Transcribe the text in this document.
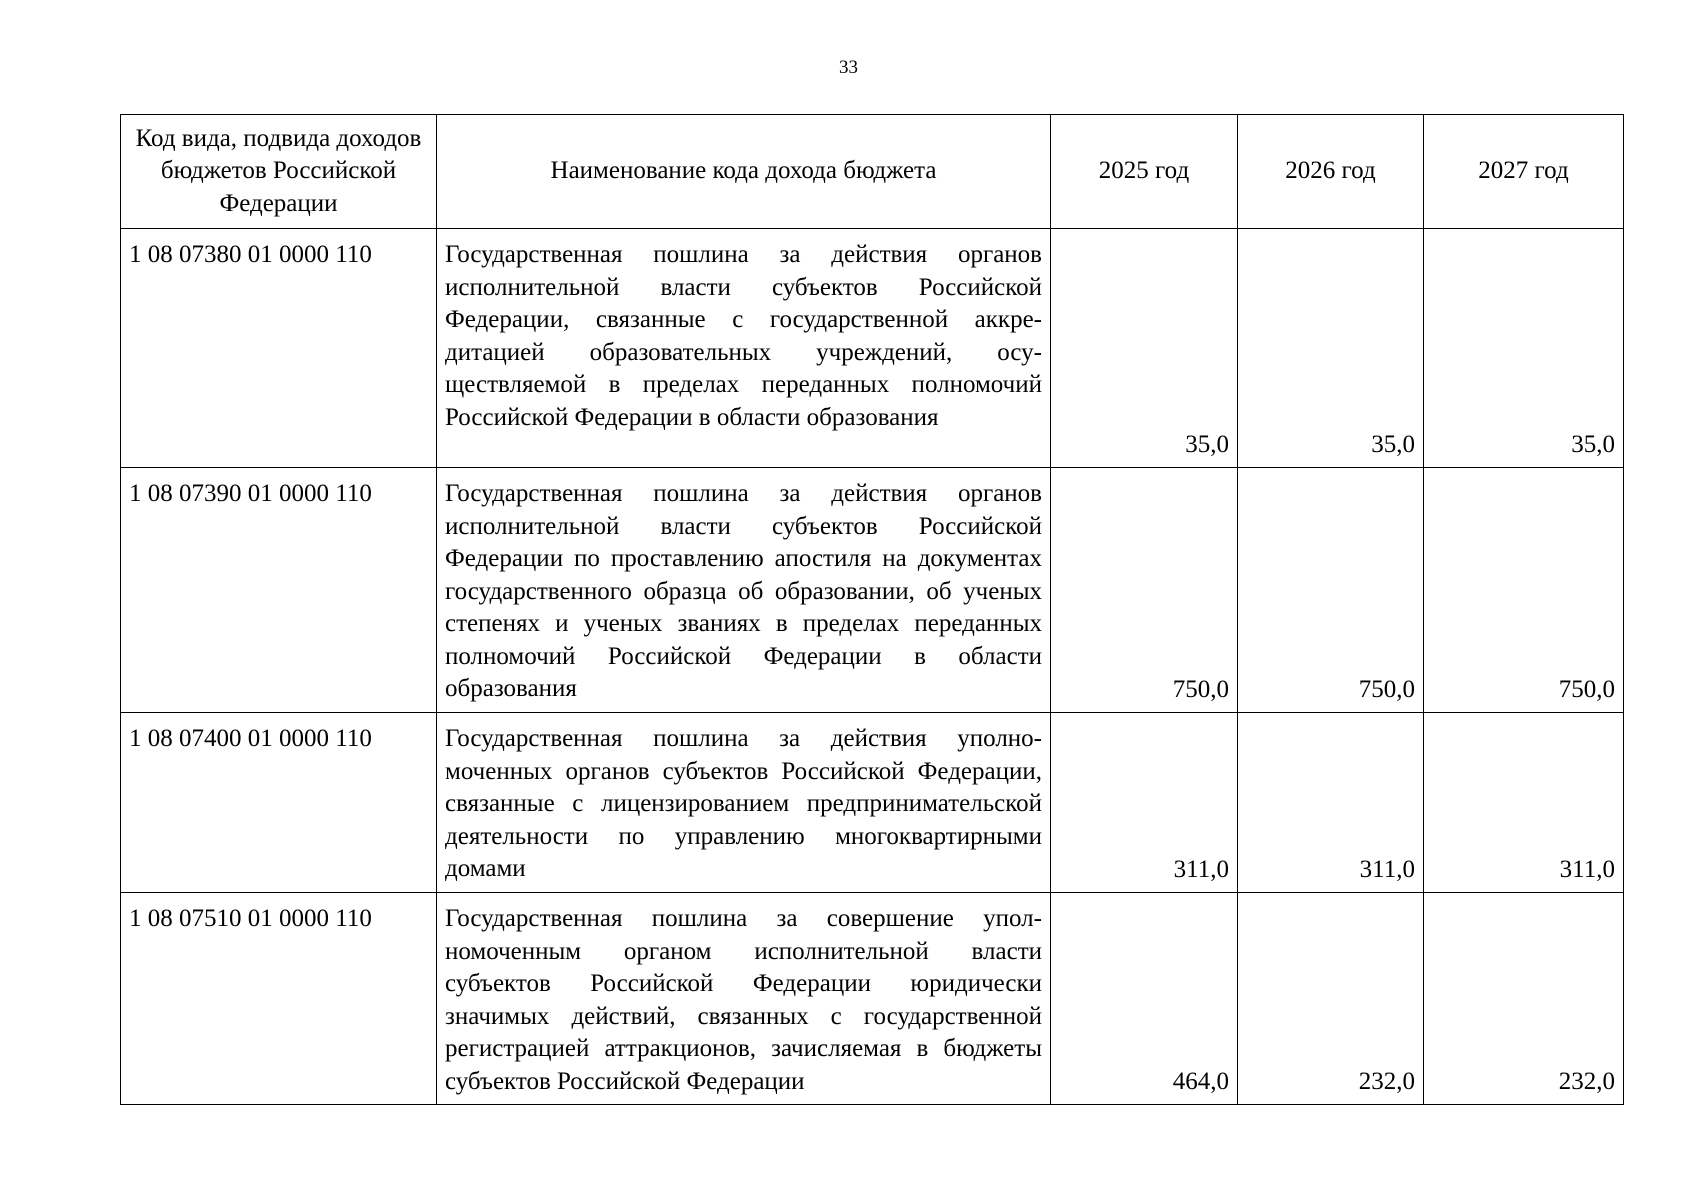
33
Код вида, подвида доходов бюджетов Российской Федерации	Наименование кода дохода бюджета	2025 год	2026 год	2027 год
1 08 07380 01 0000 110	Государственная пошлина за действия органов исполнительной власти субъектов Российской Федерации, связанные с государственной аккредитацией образовательных учреждений, осуществляемой в пределах переданных полномочий Российской Федерации в области образования	35,0	35,0	35,0
1 08 07390 01 0000 110	Государственная пошлина за действия органов исполнительной власти субъектов Российской Федерации по проставлению апостиля на документах государственного образца об образовании, об ученых степенях и ученых званиях в пределах переданных полномочий Российской Федерации в области образования	750,0	750,0	750,0
1 08 07400 01 0000 110	Государственная пошлина за действия уполномоченных органов субъектов Российской Федерации, связанные с лицензированием предпринимательской деятельности по управлению многоквартирными домами	311,0	311,0	311,0
1 08 07510 01 0000 110	Государственная пошлина за совершение уполномоченным органом исполнительной власти субъектов Российской Федерации юридически значимых действий, связанных с государственной регистрацией аттракционов, зачисляемая в бюджеты субъектов Российской Федерации	464,0	232,0	232,0
